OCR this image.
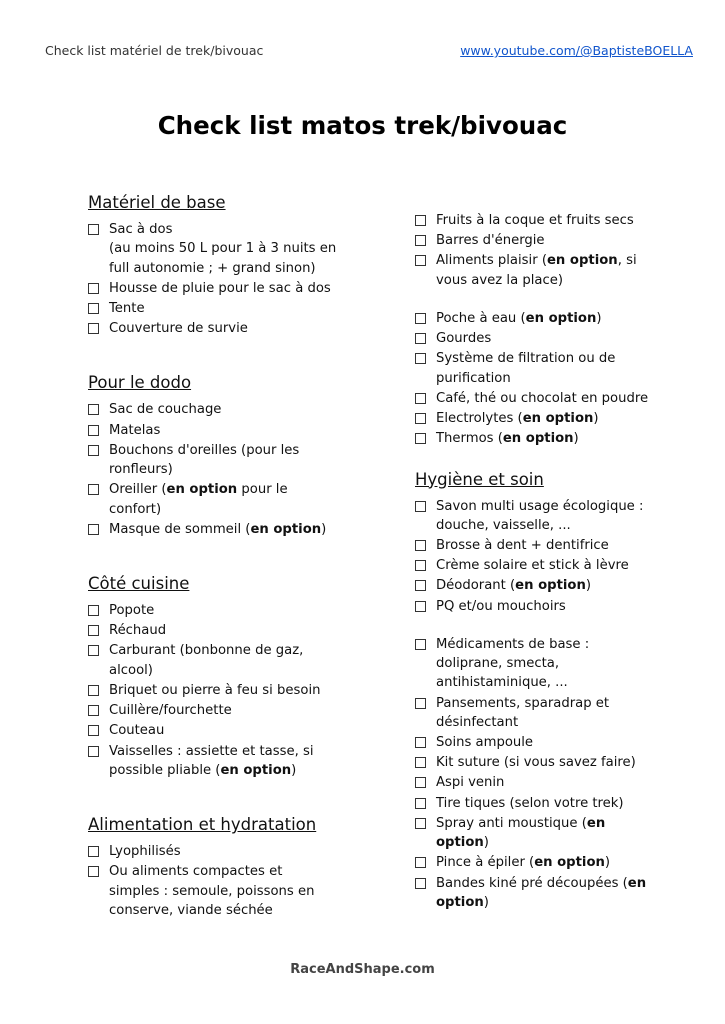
Check list matériel de trek/bivouac	www.youtube.com/@BaptisteBOELLA
Check list matos trek/bivouac
Matériel de base
Sac à dos
(au moins 50 L pour 1 à 3 nuits en
full autonomie ; + grand sinon)
Housse de pluie pour le sac à dos
Tente
Couverture de survie
Pour le dodo
Sac de couchage
Matelas
Bouchons d'oreilles (pour les
ronfleurs)
Oreiller (en option pour le
confort)
Masque de sommeil (en option)
Côté cuisine
Popote
Réchaud
Carburant (bonbonne de gaz,
alcool)
Briquet ou pierre à feu si besoin
Cuillère/fourchette
Couteau
Vaisselles : assiette et tasse, si
possible pliable (en option)
Alimentation et hydratation
Lyophilisés
Ou aliments compactes et
simples : semoule, poissons en
conserve, viande séchée
Fruits à la coque et fruits secs
Barres d'énergie
Aliments plaisir (en option, si
vous avez la place)
Poche à eau (en option)
Gourdes
Système de filtration ou de
purification
Café, thé ou chocolat en poudre
Electrolytes (en option)
Thermos (en option)
Hygiène et soin
Savon multi usage écologique :
douche, vaisselle, ...
Brosse à dent + dentifrice
Crème solaire et stick à lèvre
Déodorant (en option)
PQ et/ou mouchoirs
Médicaments de base :
doliprane, smecta,
antihistaminique, ...
Pansements, sparadrap et
désinfectant
Soins ampoule
Kit suture (si vous savez faire)
Aspi venin
Tire tiques (selon votre trek)
Spray anti moustique (en
option)
Pince à épiler (en option)
Bandes kiné pré découpées (en
option)
RaceAndShape.com
